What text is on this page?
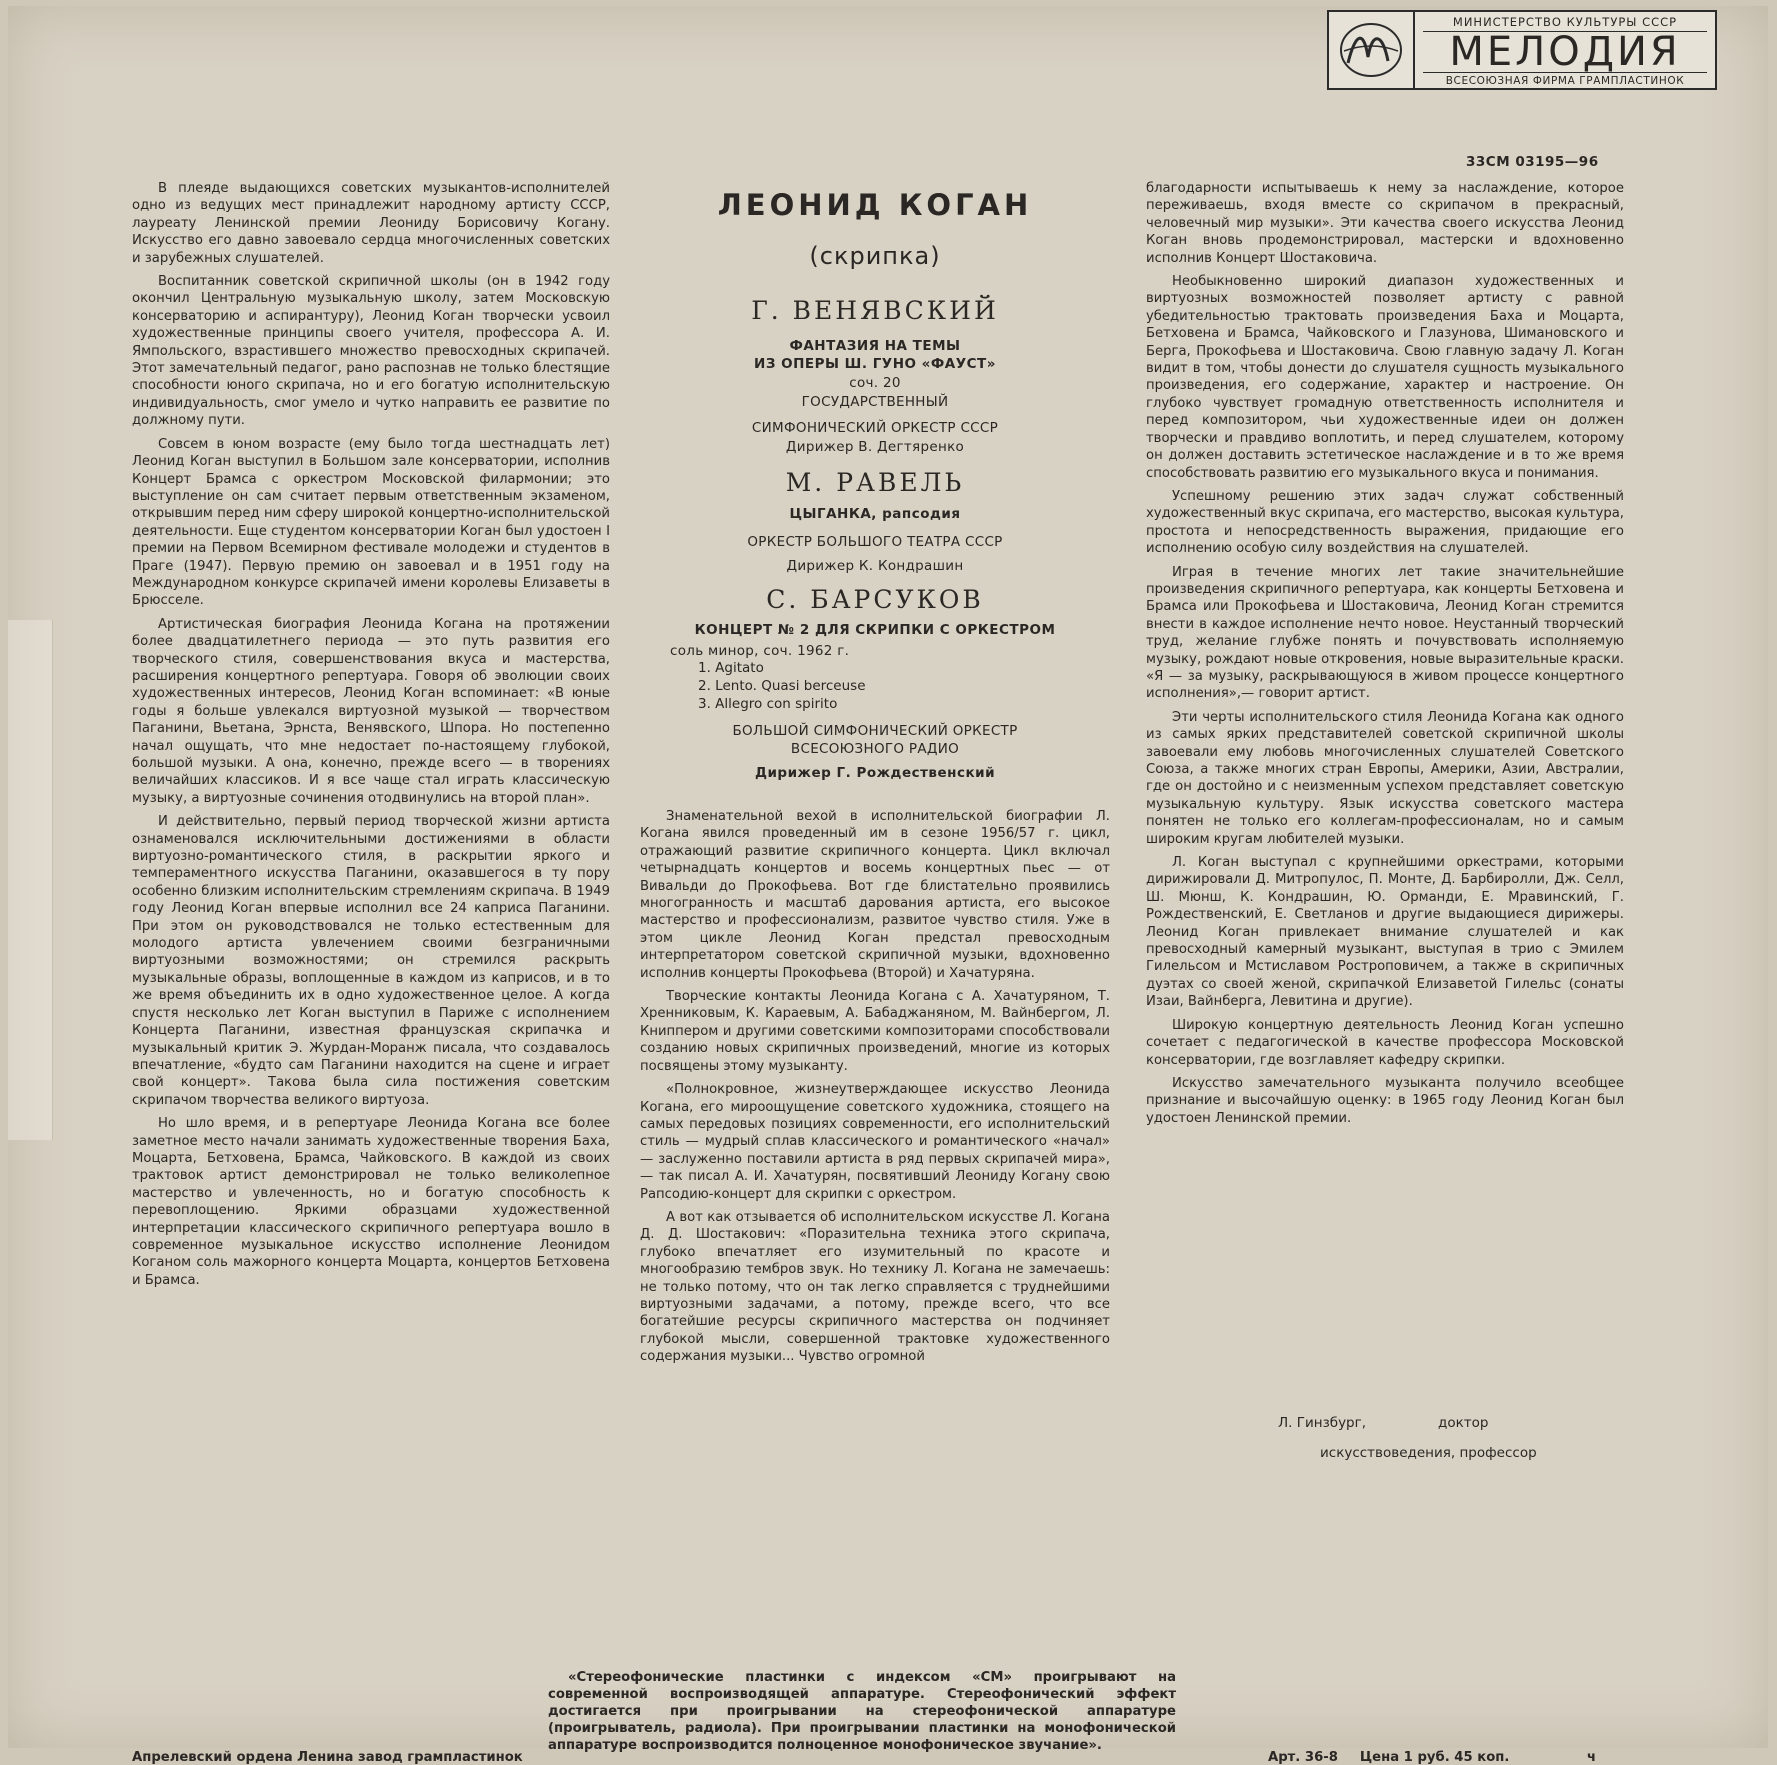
МИНИСТЕРСТВО КУЛЬТУРЫ СССР
МЕЛОДИЯ
ВСЕСОЮЗНАЯ ФИРМА ГРАМПЛАСТИНОК
33СМ 03195—96

В плеяде выдающихся советских музыкантов-исполнителей одно из ведущих мест принадлежит народному артисту СССР, лауреату Ленинской премии Леониду Борисовичу Когану. Искусство его давно завоевало сердца многочисленных советских и зарубежных слушателей.

Воспитанник советской скрипичной школы (он в 1942 году окончил Центральную музыкальную школу, затем Московскую консерваторию и аспирантуру), Леонид Коган творчески усвоил художественные принципы своего учителя, профессора А. И. Ямпольского, взрастившего множество превосходных скрипачей. Этот замечательный педагог, рано распознав не только блестящие способности юного скрипача, но и его богатую исполнительскую индивидуальность, смог умело и чутко направить ее развитие по должному пути.

Совсем в юном возрасте (ему было тогда шестнадцать лет) Леонид Коган выступил в Большом зале консерватории, исполнив Концерт Брамса с оркестром Московской филармонии; это выступление он сам считает первым ответственным экзаменом, открывшим перед ним сферу широкой концертно-исполнительской деятельности. Еще студентом консерватории Коган был удостоен I премии на Первом Всемирном фестивале молодежи и студентов в Праге (1947). Первую премию он завоевал и в 1951 году на Международном конкурсе скрипачей имени королевы Елизаветы в Брюсселе.

Артистическая биография Леонида Когана на протяжении более двадцатилетнего периода — это путь развития его творческого стиля, совершенствования вкуса и мастерства, расширения концертного репертуара. Говоря об эволюции своих художественных интересов, Леонид Коган вспоминает: «В юные годы я больше увлекался виртуозной музыкой — творчеством Паганини, Вьетана, Эрнста, Венявского, Шпора. Но постепенно начал ощущать, что мне недостает по-настоящему глубокой, большой музыки. А она, конечно, прежде всего — в творениях величайших классиков. И я все чаще стал играть классическую музыку, а виртуозные сочинения отодвинулись на второй план».

И действительно, первый период творческой жизни артиста ознаменовался исключительными достижениями в области виртуозно-романтического стиля, в раскрытии яркого и темпераментного искусства Паганини, оказавшегося в ту пору особенно близким исполнительским стремлениям скрипача. В 1949 году Леонид Коган впервые исполнил все 24 каприса Паганини. При этом он руководствовался не только естественным для молодого артиста увлечением своими безграничными виртуозными возможностями; он стремился раскрыть музыкальные образы, воплощенные в каждом из каприсов, и в то же время объединить их в одно художественное целое. А когда спустя несколько лет Коган выступил в Париже с исполнением Концерта Паганини, известная французская скрипачка и музыкальный критик Э. Журдан-Моранж писала, что создавалось впечатление, «будто сам Паганини находится на сцене и играет свой концерт». Такова была сила постижения советским скрипачом творчества великого виртуоза.

Но шло время, и в репертуаре Леонида Когана все более заметное место начали занимать художественные творения Баха, Моцарта, Бетховена, Брамса, Чайковского. В каждой из своих трактовок артист демонстрировал не только великолепное мастерство и увлеченность, но и богатую способность к перевоплощению. Яркими образцами художественной интерпретации классического скрипичного репертуара вошло в современное музыкальное искусство исполнение Леонидом Коганом соль мажорного концерта Моцарта, концертов Бетховена и Брамса.

ЛЕОНИД КОГАН
(скрипка)
Г. ВЕНЯВСКИЙ
ФАНТАЗИЯ НА ТЕМЫ
ИЗ ОПЕРЫ Ш. ГУНО «ФАУСТ»
соч. 20
ГОСУДАРСТВЕННЫЙ
СИМФОНИЧЕСКИЙ ОРКЕСТР СССР
Дирижер В. Дегтяренко
М. РАВЕЛЬ
ЦЫГАНКА, рапсодия
ОРКЕСТР БОЛЬШОГО ТЕАТРА СССР
Дирижер К. Кондрашин
С. БАРСУКОВ
КОНЦЕРТ № 2 ДЛЯ СКРИПКИ С ОРКЕСТРОМ
соль минор, соч. 1962 г.
1. Agitato
2. Lento. Quasi berceuse
3. Allegro con spirito
БОЛЬШОЙ СИМФОНИЧЕСКИЙ ОРКЕСТР
ВСЕСОЮЗНОГО РАДИО
Дирижер Г. Рождественский

Знаменательной вехой в исполнительской биографии Л. Когана явился проведенный им в сезоне 1956/57 г. цикл, отражающий развитие скрипичного концерта. Цикл включал четырнадцать концертов и восемь концертных пьес — от Вивальди до Прокофьева. Вот где блистательно проявились многогранность и масштаб дарования артиста, его высокое мастерство и профессионализм, развитое чувство стиля. Уже в этом цикле Леонид Коган предстал превосходным интерпретатором советской скрипичной музыки, вдохновенно исполнив концерты Прокофьева (Второй) и Хачатуряна.

Творческие контакты Леонида Когана с А. Хачатуряном, Т. Хренниковым, К. Караевым, А. Бабаджаняном, М. Вайнбергом, Л. Книппером и другими советскими композиторами способствовали созданию новых скрипичных произведений, многие из которых посвящены этому музыканту.

«Полнокровное, жизнеутверждающее искусство Леонида Когана, его мироощущение советского художника, стоящего на самых передовых позициях современности, его исполнительский стиль — мудрый сплав классического и романтического «начал» — заслуженно поставили артиста в ряд первых скрипачей мира»,— так писал А. И. Хачатурян, посвятивший Леониду Когану свою Рапсодию-концерт для скрипки с оркестром.

А вот как отзывается об исполнительском искусстве Л. Когана Д. Д. Шостакович: «Поразительна техника этого скрипача, глубоко впечатляет его изумительный по красоте и многообразию тембров звук. Но технику Л. Когана не замечаешь: не только потому, что он так легко справляется с труднейшими виртуозными задачами, а потому, прежде всего, что все богатейшие ресурсы скрипичного мастерства он подчиняет глубокой мысли, совершенной трактовке художественного содержания музыки... Чувство огромной

благодарности испытываешь к нему за наслаждение, которое переживаешь, входя вместе со скрипачом в прекрасный, человечный мир музыки». Эти качества своего искусства Леонид Коган вновь продемонстрировал, мастерски и вдохновенно исполнив Концерт Шостаковича.

Необыкновенно широкий диапазон художественных и виртуозных возможностей позволяет артисту с равной убедительностью трактовать произведения Баха и Моцарта, Бетховена и Брамса, Чайковского и Глазунова, Шимановского и Берга, Прокофьева и Шостаковича. Свою главную задачу Л. Коган видит в том, чтобы донести до слушателя сущность музыкального произведения, его содержание, характер и настроение. Он глубоко чувствует громадную ответственность исполнителя и перед композитором, чьи художественные идеи он должен творчески и правдиво воплотить, и перед слушателем, которому он должен доставить эстетическое наслаждение и в то же время способствовать развитию его музыкального вкуса и понимания.

Успешному решению этих задач служат собственный художественный вкус скрипача, его мастерство, высокая культура, простота и непосредственность выражения, придающие его исполнению особую силу воздействия на слушателей.

Играя в течение многих лет такие значительнейшие произведения скрипичного репертуара, как концерты Бетховена и Брамса или Прокофьева и Шостаковича, Леонид Коган стремится внести в каждое исполнение нечто новое. Неустанный творческий труд, желание глубже понять и почувствовать исполняемую музыку, рождают новые откровения, новые выразительные краски. «Я — за музыку, раскрывающуюся в живом процессе концертного исполнения»,— говорит артист.

Эти черты исполнительского стиля Леонида Когана как одного из самых ярких представителей советской скрипичной школы завоевали ему любовь многочисленных слушателей Советского Союза, а также многих стран Европы, Америки, Азии, Австралии, где он достойно и с неизменным успехом представляет советскую музыкальную культуру. Язык искусства советского мастера понятен не только его коллегам-профессионалам, но и самым широким кругам любителей музыки.

Л. Коган выступал с крупнейшими оркестрами, которыми дирижировали Д. Митропулос, П. Монте, Д. Барбиролли, Дж. Селл, Ш. Мюнш, К. Кондрашин, Ю. Орманди, Е. Мравинский, Г. Рождественский, Е. Светланов и другие выдающиеся дирижеры. Леонид Коган привлекает внимание слушателей и как превосходный камерный музыкант, выступая в трио с Эмилем Гилельсом и Мстиславом Ростроповичем, а также в скрипичных дуэтах со своей женой, скрипачкой Елизаветой Гилельс (сонаты Изаи, Вайнберга, Левитина и другие).

Широкую концертную деятельность Леонид Коган успешно сочетает с педагогической в качестве профессора Московской консерватории, где возглавляет кафедру скрипки.

Искусство замечательного музыканта получило всеобщее признание и высочайшую оценку: в 1965 году Леонид Коган был удостоен Ленинской премии.

Л. Гинзбург,	доктор
искусствоведения, профессор
«Стереофонические пластинки с индексом «СМ» проигрывают на современной воспроизводящей аппаратуре. Стереофонический эффект достигается при проигрывании на стереофонической аппаратуре (проигрыватель, радиола). При проигрывании пластинки на монофонической аппаратуре воспроизводится полноценное монофоническое звучание».
Апрелевский ордена Ленина завод грампластинок	Арт. 36-8 Цена 1 руб. 45 коп.	ч
